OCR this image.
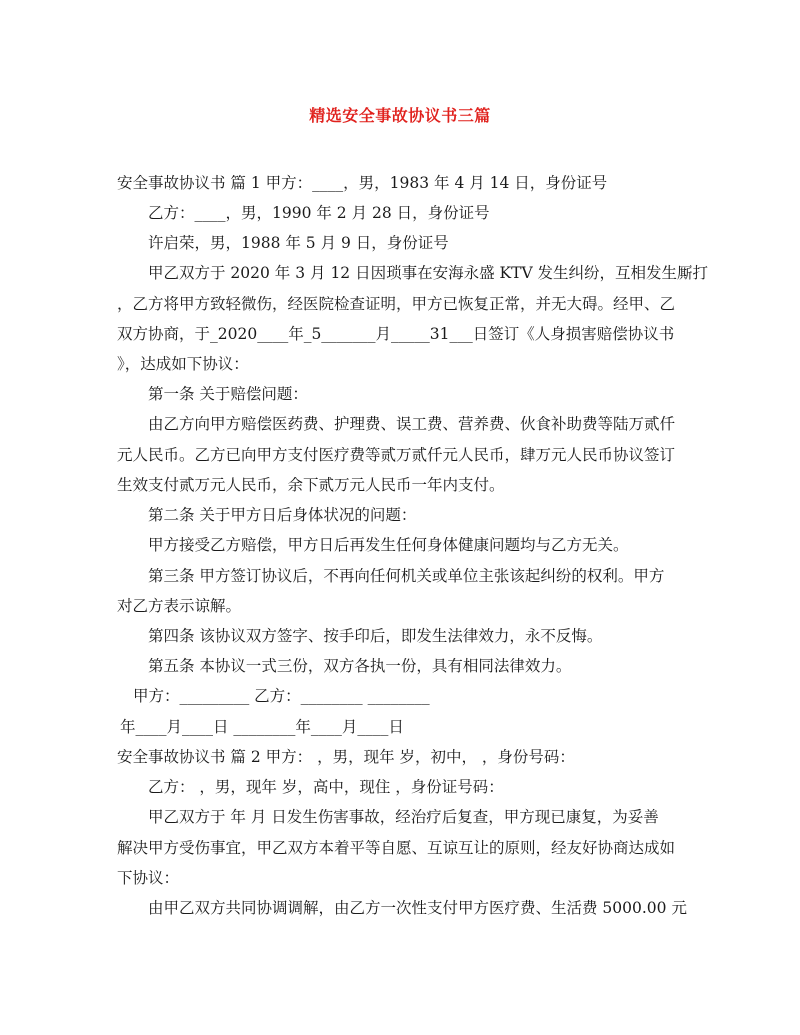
精选安全事故协议书三篇

安全事故协议书 篇 1 甲方：____，男，1983 年 4 月 14 日，身份证号

乙方：____，男，1990 年 2 月 28 日，身份证号

许启荣，男，1988 年 5 月 9 日，身份证号

甲乙双方于 2020 年 3 月 12 日因琐事在安海永盛 KTV 发生纠纷，互相发生厮打

，乙方将甲方致轻微伤，经医院检查证明，甲方已恢复正常，并无大碍。经甲、乙

双方协商，于_2020____年_5_______月_____31___日签订《人身损害赔偿协议书

》，达成如下协议：

第一条 关于赔偿问题：

由乙方向甲方赔偿医药费、护理费、误工费、营养费、伙食补助费等陆万贰仟

元人民币。乙方已向甲方支付医疗费等贰万贰仟元人民币，肆万元人民币协议签订

生效支付贰万元人民币，余下贰万元人民币一年内支付。

第二条 关于甲方日后身体状况的问题：

甲方接受乙方赔偿，甲方日后再发生任何身体健康问题均与乙方无关。

第三条 甲方签订协议后，不再向任何机关或单位主张该起纠纷的权利。甲方

对乙方表示谅解。

第四条 该协议双方签字、按手印后，即发生法律效力，永不反悔。

第五条 本协议一式三份，双方各执一份，具有相同法律效力。

甲方：_________ 乙方：________ ________

年____月____日 ________年____月____日

安全事故协议书 篇 2 甲方： ，男，现年 岁，初中， ，身份号码：

乙方： ，男，现年 岁，高中，现住 ，身份证号码：

甲乙双方于 年 月 日发生伤害事故，经治疗后复查，甲方现已康复，为妥善

解决甲方受伤事宜，甲乙双方本着平等自愿、互谅互让的原则，经友好协商达成如

下协议：

由甲乙双方共同协调调解，由乙方一次性支付甲方医疗费、生活费 5000.00 元
